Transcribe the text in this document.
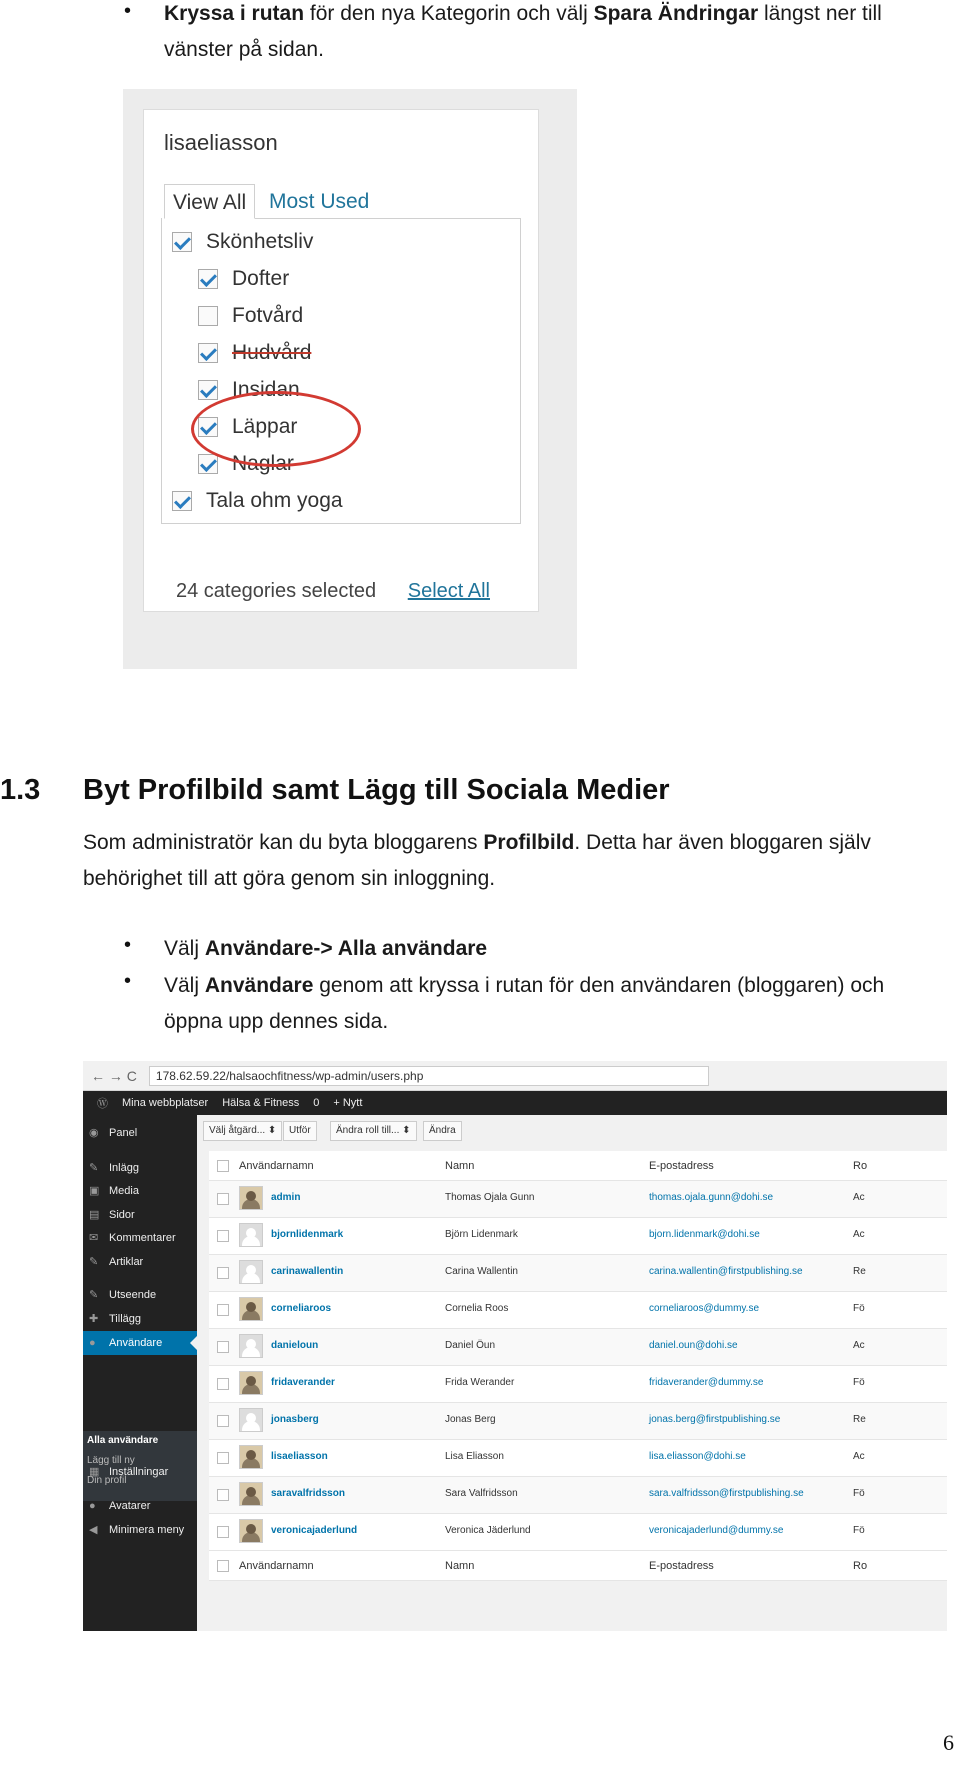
• Kryssa i rutan för den nya Kategorin och välj Spara Ändringar längst ner till
vänster på sidan.
lisaeliasson
View All	Most Used
Skönhetsliv
Dofter
Fotvård
Hudvård
Insidan
Läppar
Naglar
Tala ohm yoga
24 categories selected Select All
1.3 Byt Profilbild samt Lägg till Sociala Medier
Som administratör kan du byta bloggarens Profilbild. Detta har även bloggaren själv
behörighet till att göra genom sin inloggning.
• Välj Användare-> Alla användare
• Välj Användare genom att kryssa i rutan för den användaren (bloggaren) och
öppna upp dennes sida.
← → C	178.62.59.22/halsaochfitness/wp-admin/users.php
Ⓦ Mina webbplatser Hälsa & Fitness 0 + Nytt
Alla användare
Lägg till ny
Din profil
◉ Panel
✎ Inlägg
▣ Media
▤ Sidor
✉ Kommentarer
✎ Artiklar
✎ Utseende
✚ Tillägg
●	Användare
▦ Inställningar
●	Avatarer
◀	Minimera meny
Välj åtgärd... ⬍	Utför	Ändra roll till... ⬍	Ändra
Användarnamn	Namn	E-postadress	Ro
admin	Thomas Ojala Gunn	thomas.ojala.gunn@dohi.se	Ac
bjornlidenmark	Björn Lidenmark	bjorn.lidenmark@dohi.se	Ac
carinawallentin	Carina Wallentin	carina.wallentin@firstpublishing.se	Re
corneliaroos	Cornelia Roos	corneliaroos@dummy.se	Fö
danieloun	Daniel Öun	daniel.oun@dohi.se	Ac
fridaverander	Frida Werander	fridaverander@dummy.se	Fö
jonasberg	Jonas Berg	jonas.berg@firstpublishing.se	Re
lisaeliasson	Lisa Eliasson	lisa.eliasson@dohi.se	Ac
saravalfridsson	Sara Valfridsson	sara.valfridsson@firstpublishing.se	Fö
veronicajaderlund	Veronica Jäderlund	veronicajaderlund@dummy.se	Fö
Användarnamn	Namn	E-postadress	Ro
6
